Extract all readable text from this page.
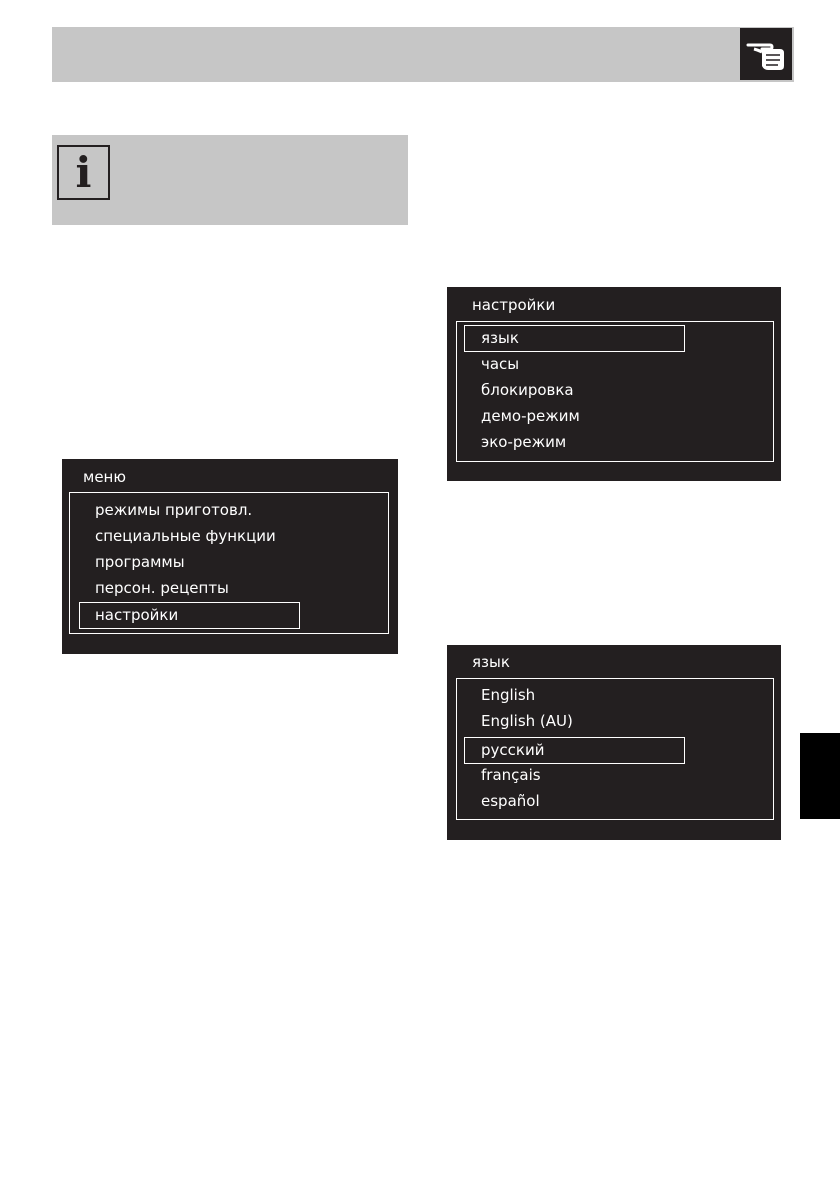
i
меню
режимы приготовл.
специальные функции
программы
персон. рецепты
настройки
настройки
язык
часы
блокировка
демо-режим
эко-режим
язык
English
English (AU)
русский
français
español
